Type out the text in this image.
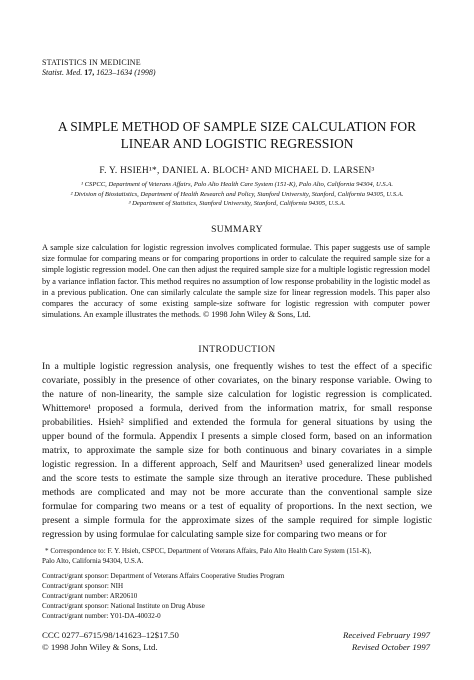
STATISTICS IN MEDICINE
Statist. Med. 17, 1623–1634 (1998)
A SIMPLE METHOD OF SAMPLE SIZE CALCULATION FOR
LINEAR AND LOGISTIC REGRESSION
F. Y. HSIEH¹*, DANIEL A. BLOCH² AND MICHAEL D. LARSEN³
¹ CSPCC, Department of Veterans Affairs, Palo Alto Health Care System (151-K), Palo Alto, California 94304, U.S.A.
² Division of Biostatistics, Department of Health Research and Policy, Stanford University, Stanford, California 94305, U.S.A.
³ Department of Statistics, Stanford University, Stanford, California 94305, U.S.A.
SUMMARY
A sample size calculation for logistic regression involves complicated formulae. This paper suggests use of sample size formulae for comparing means or for comparing proportions in order to calculate the required sample size for a simple logistic regression model. One can then adjust the required sample size for a multiple logistic regression model by a variance inflation factor. This method requires no assumption of low response probability in the logistic model as in a previous publication. One can similarly calculate the sample size for linear regression models. This paper also compares the accuracy of some existing sample-size software for logistic regression with computer power simulations. An example illustrates the methods. © 1998 John Wiley & Sons, Ltd.
INTRODUCTION
In a multiple logistic regression analysis, one frequently wishes to test the effect of a specific
covariate, possibly in the presence of other covariates, on the binary response variable. Owing to
the nature of non-linearity, the sample size calculation for logistic regression is complicated.
Whittemore¹ proposed a formula, derived from the information matrix, for small response
probabilities. Hsieh² simplified and extended the formula for general situations by using the
upper bound of the formula. Appendix I presents a simple closed form, based on an information
matrix, to approximate the sample size for both continuous and binary covariates in a simple
logistic regression. In a different approach, Self and Mauritsen³ used generalized linear models
and the score tests to estimate the sample size through an iterative procedure. These published
methods are complicated and may not be more accurate than the conventional sample size
formulae for comparing two means or a test of equality of proportions. In the next section, we
present a simple formula for the approximate sizes of the sample required for simple logistic
regression by using formulae for calculating sample size for comparing two means or for
* Correspondence to: F. Y. Hsieh, CSPCC, Department of Veterans Affairs, Palo Alto Health Care System (151-K),
Palo Alto, California 94304, U.S.A.
Contract/grant sponsor: Department of Veterans Affairs Cooperative Studies Program
Contract/grant sponsor: NIH
Contract/grant number: AR20610
Contract/grant sponsor: National Institute on Drug Abuse
Contract/grant number: Y01-DA-40032-0
CCC 0277–6715/98/141623–12$17.50
© 1998 John Wiley & Sons, Ltd.
Received February 1997
Revised October 1997
